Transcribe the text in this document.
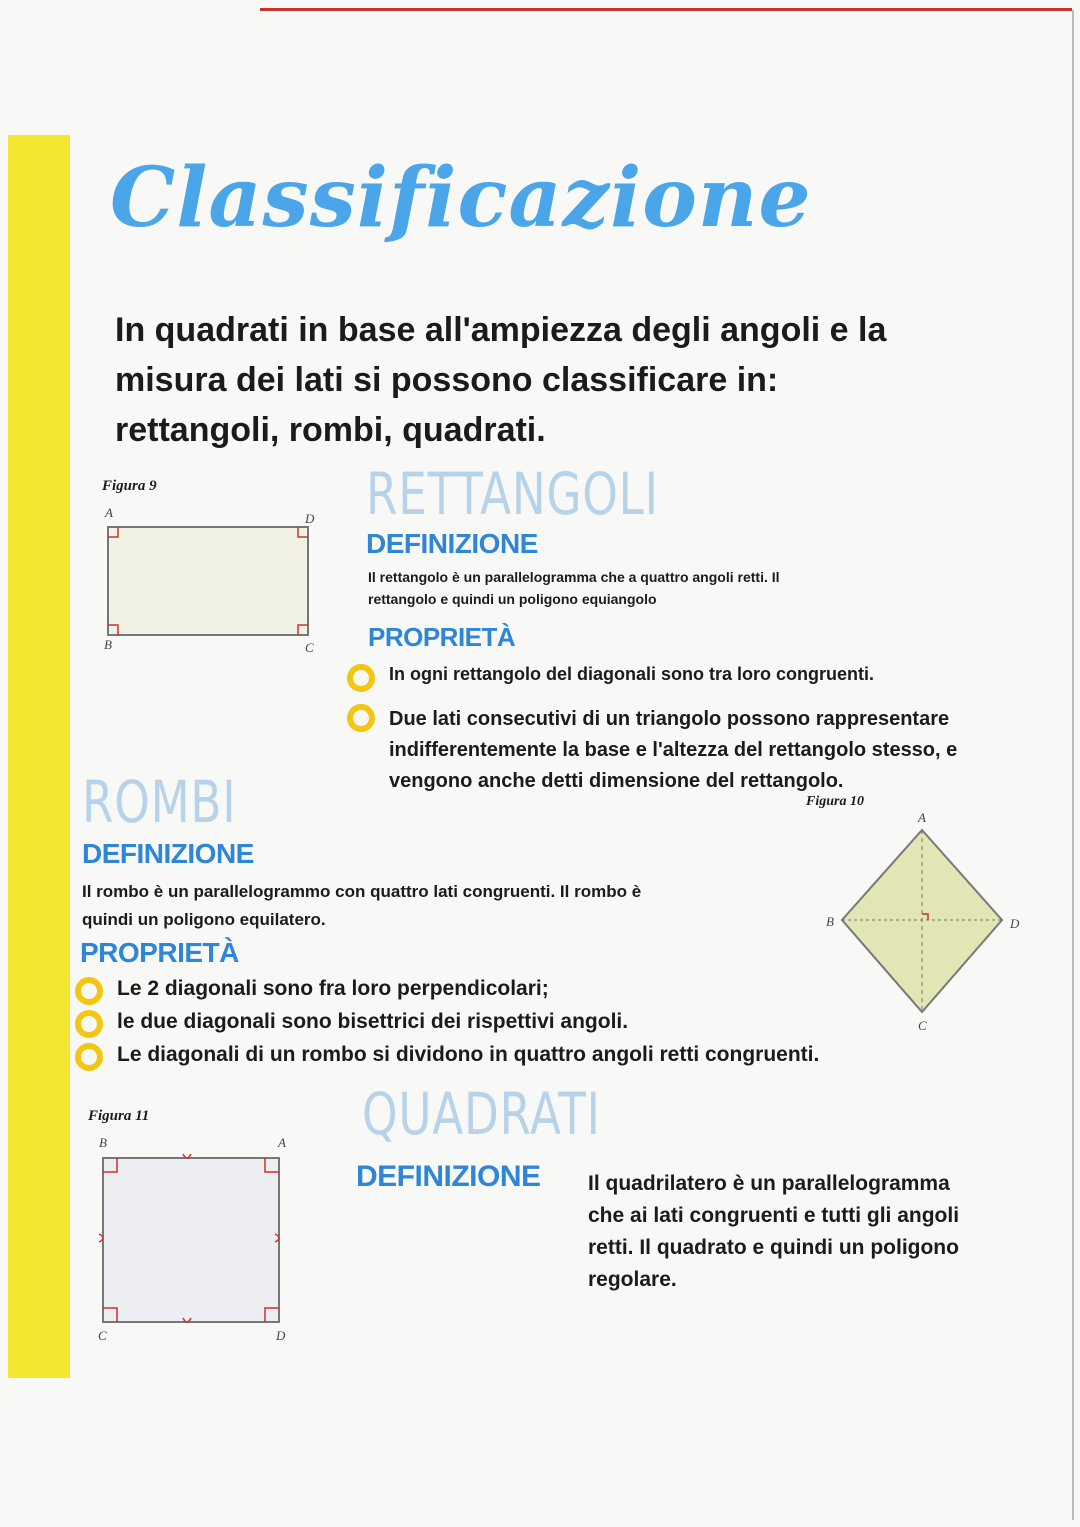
Classificazione
In quadrati in base all'ampiezza degli angoli e la misura dei lati si possono classificare in: rettangoli, rombi, quadrati.
Figura 9
A	D
B	C
RETTANGOLI
DEFINIZIONE
Il rettangolo è un parallelogramma che a quattro angoli retti. Il rettangolo e quindi un poligono equiangolo
PROPRIETÀ
In ogni rettangolo del diagonali sono tra loro congruenti.
Due lati consecutivi di un triangolo possono rappresentare indifferentemente la base e l'altezza del rettangolo stesso, e vengono anche detti dimensione del rettangolo.
ROMBI
DEFINIZIONE
Il rombo è un parallelogrammo con quattro lati congruenti. Il rombo è quindi un poligono equilatero.
PROPRIETÀ
Le 2 diagonali sono fra loro perpendicolari;
le due diagonali sono bisettrici dei rispettivi angoli.
Le diagonali di un rombo si dividono in quattro angoli retti congruenti.
Figura 10
A
B	D
C
Figura 11
B	A
C	D
QUADRATI
DEFINIZIONE Il quadrilatero è un parallelogramma che ai lati congruenti e tutti gli angoli retti. Il quadrato e quindi un poligono regolare.
